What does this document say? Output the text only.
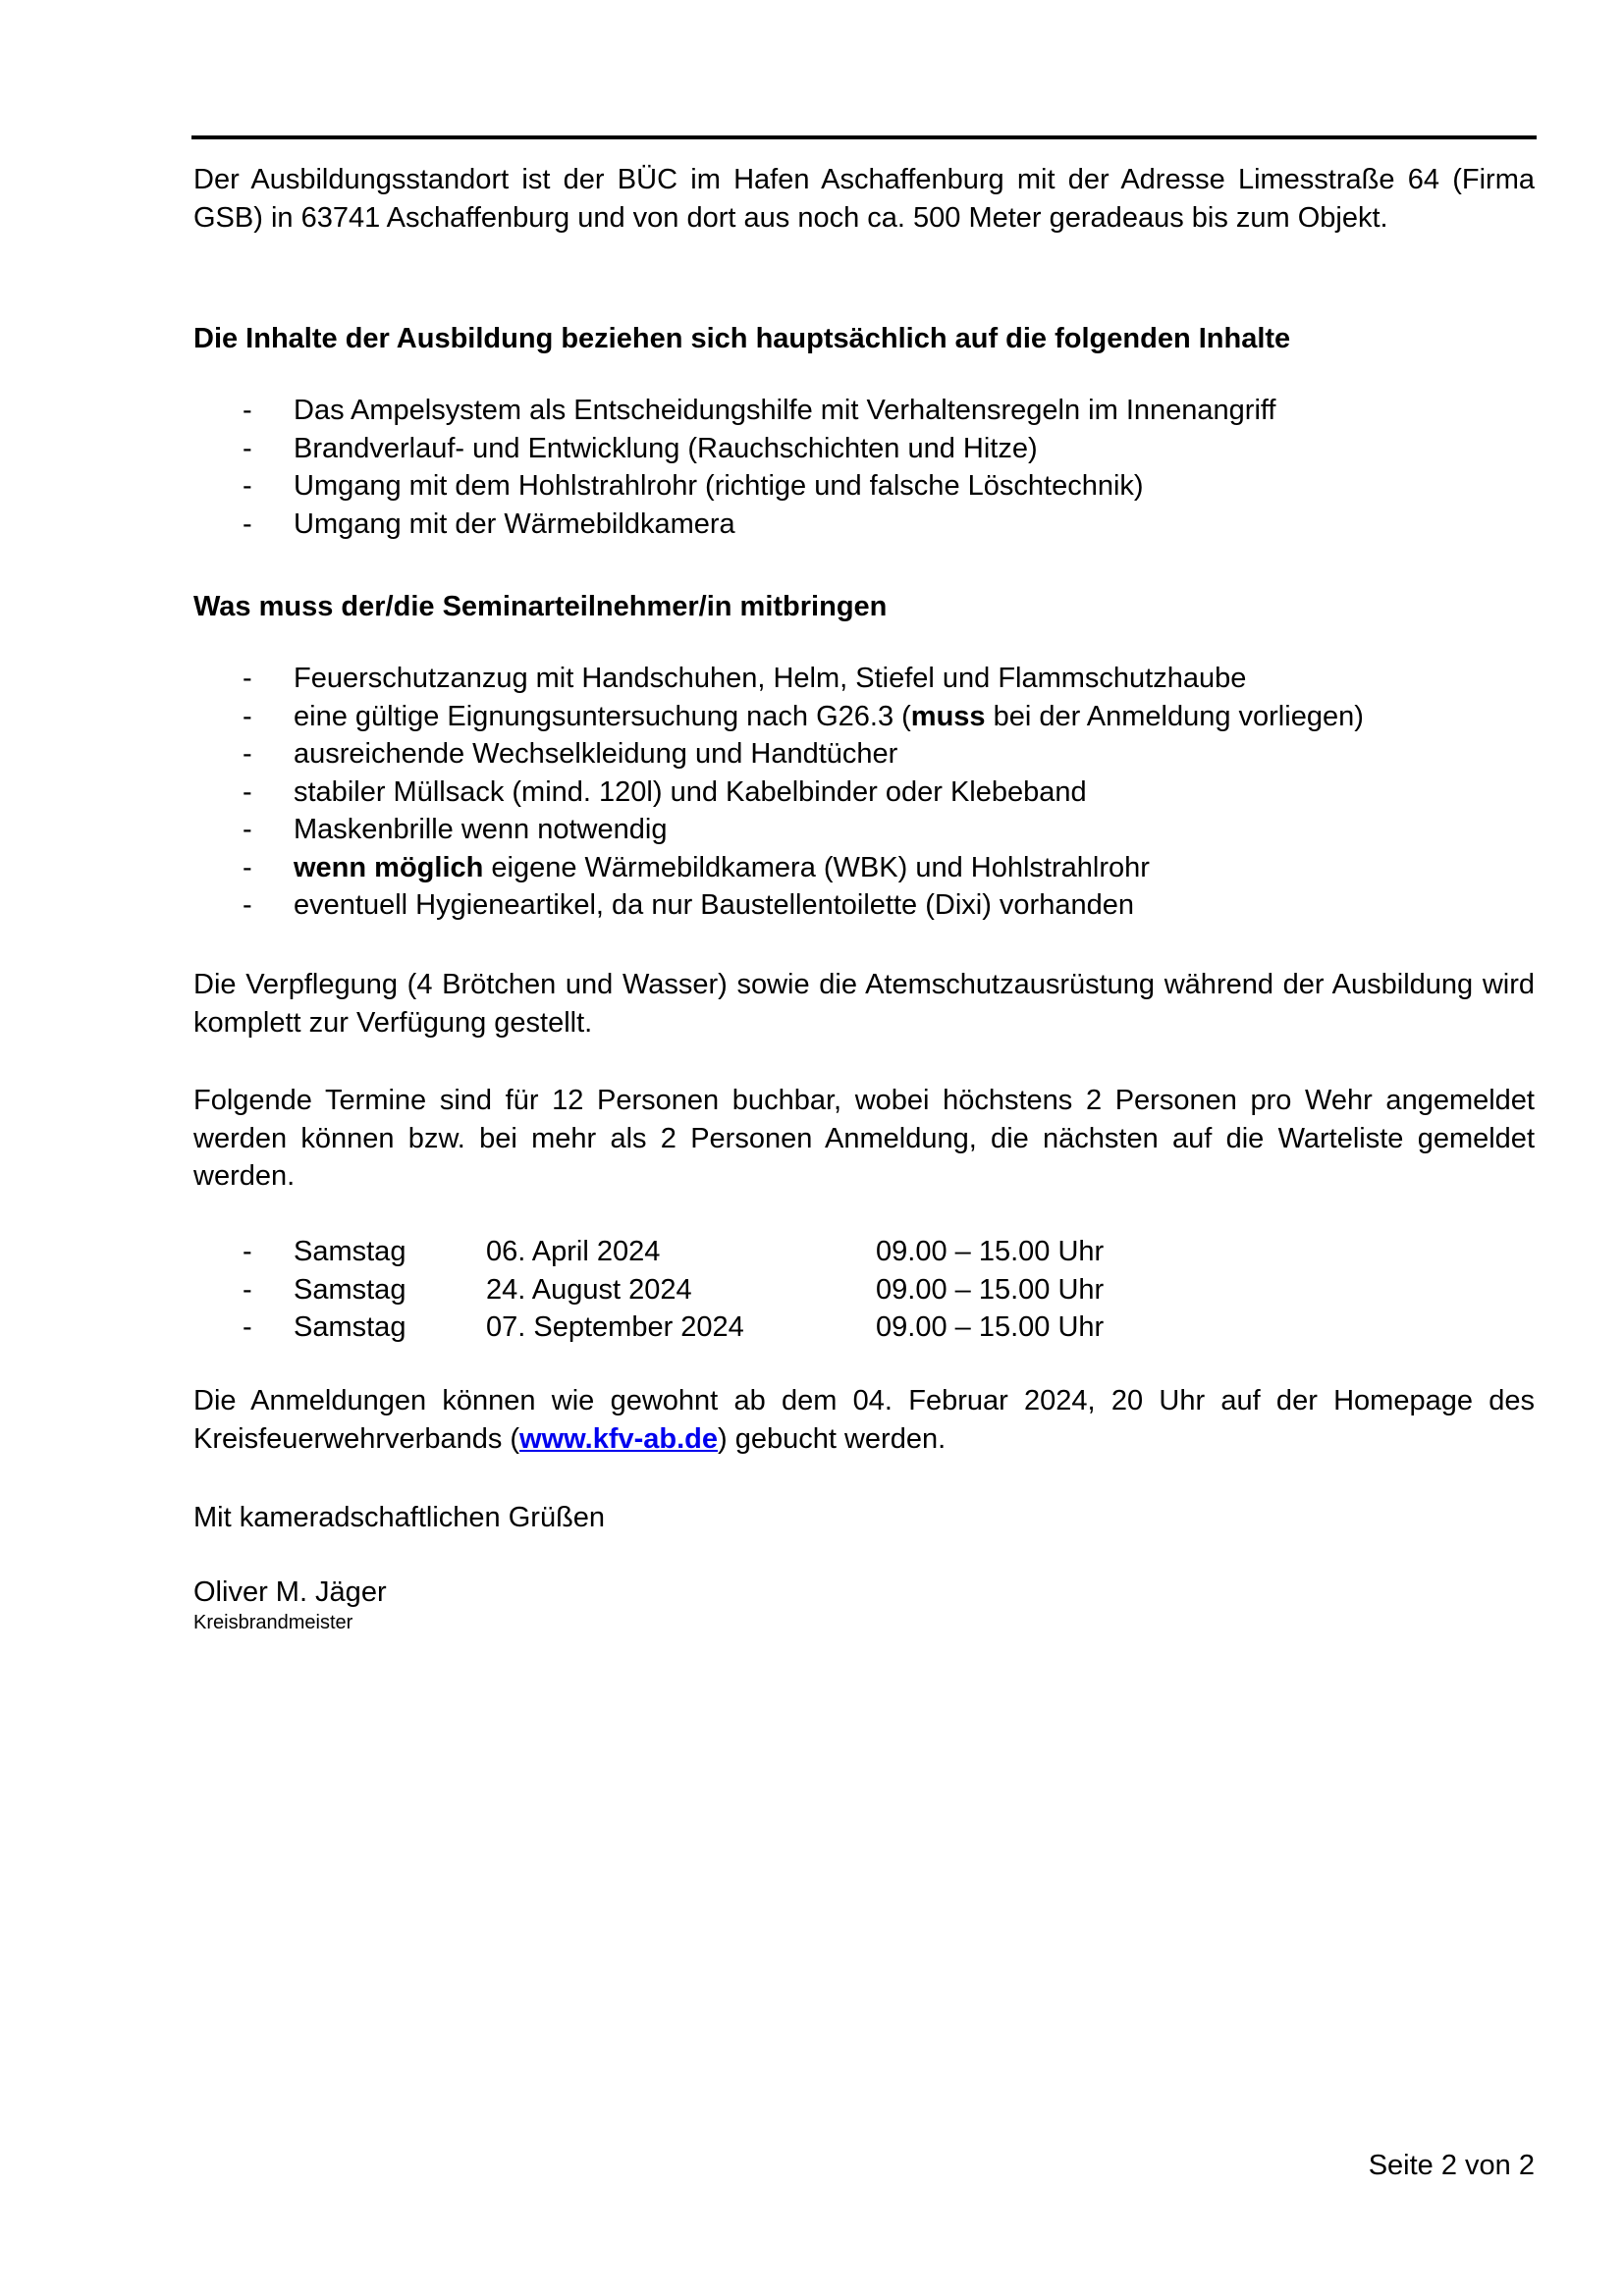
Der Ausbildungsstandort ist der BÜC im Hafen Aschaffenburg mit der Adresse Limesstraße 64 (Firma GSB) in 63741 Aschaffenburg und von dort aus noch ca. 500 Meter geradeaus bis zum Objekt.

Die Inhalte der Ausbildung beziehen sich hauptsächlich auf die folgenden Inhalte
- Das Ampelsystem als Entscheidungshilfe mit Verhaltensregeln im Innenangriff
- Brandverlauf- und Entwicklung (Rauchschichten und Hitze)
- Umgang mit dem Hohlstrahlrohr (richtige und falsche Löschtechnik)
- Umgang mit der Wärmebildkamera
Was muss der/die Seminarteilnehmer/in mitbringen
- Feuerschutzanzug mit Handschuhen, Helm, Stiefel und Flammschutzhaube
- eine gültige Eignungsuntersuchung nach G26.3 (muss bei der Anmeldung vorliegen)
- ausreichende Wechselkleidung und Handtücher
- stabiler Müllsack (mind. 120l) und Kabelbinder oder Klebeband
- Maskenbrille wenn notwendig
- wenn möglich eigene Wärmebildkamera (WBK) und Hohlstrahlrohr
- eventuell Hygieneartikel, da nur Baustellentoilette (Dixi) vorhanden

Die Verpflegung (4 Brötchen und Wasser) sowie die Atemschutzausrüstung während der Ausbildung wird komplett zur Verfügung gestellt.

Folgende Termine sind für 12 Personen buchbar, wobei höchstens 2 Personen pro Wehr angemeldet werden können bzw. bei mehr als 2 Personen Anmeldung, die nächsten auf die Warteliste gemeldet werden.

- Samstag	06. April 2024	09.00 – 15.00 Uhr
- Samstag	24. August 2024	09.00 – 15.00 Uhr
- Samstag	07. September 2024	09.00 – 15.00 Uhr

Die Anmeldungen können wie gewohnt ab dem 04. Februar 2024, 20 Uhr auf der Homepage des Kreisfeuerwehrverbands (www.kfv-ab.de) gebucht werden.

Mit kameradschaftlichen Grüßen
Oliver M. Jäger
Kreisbrandmeister
Seite 2 von 2
